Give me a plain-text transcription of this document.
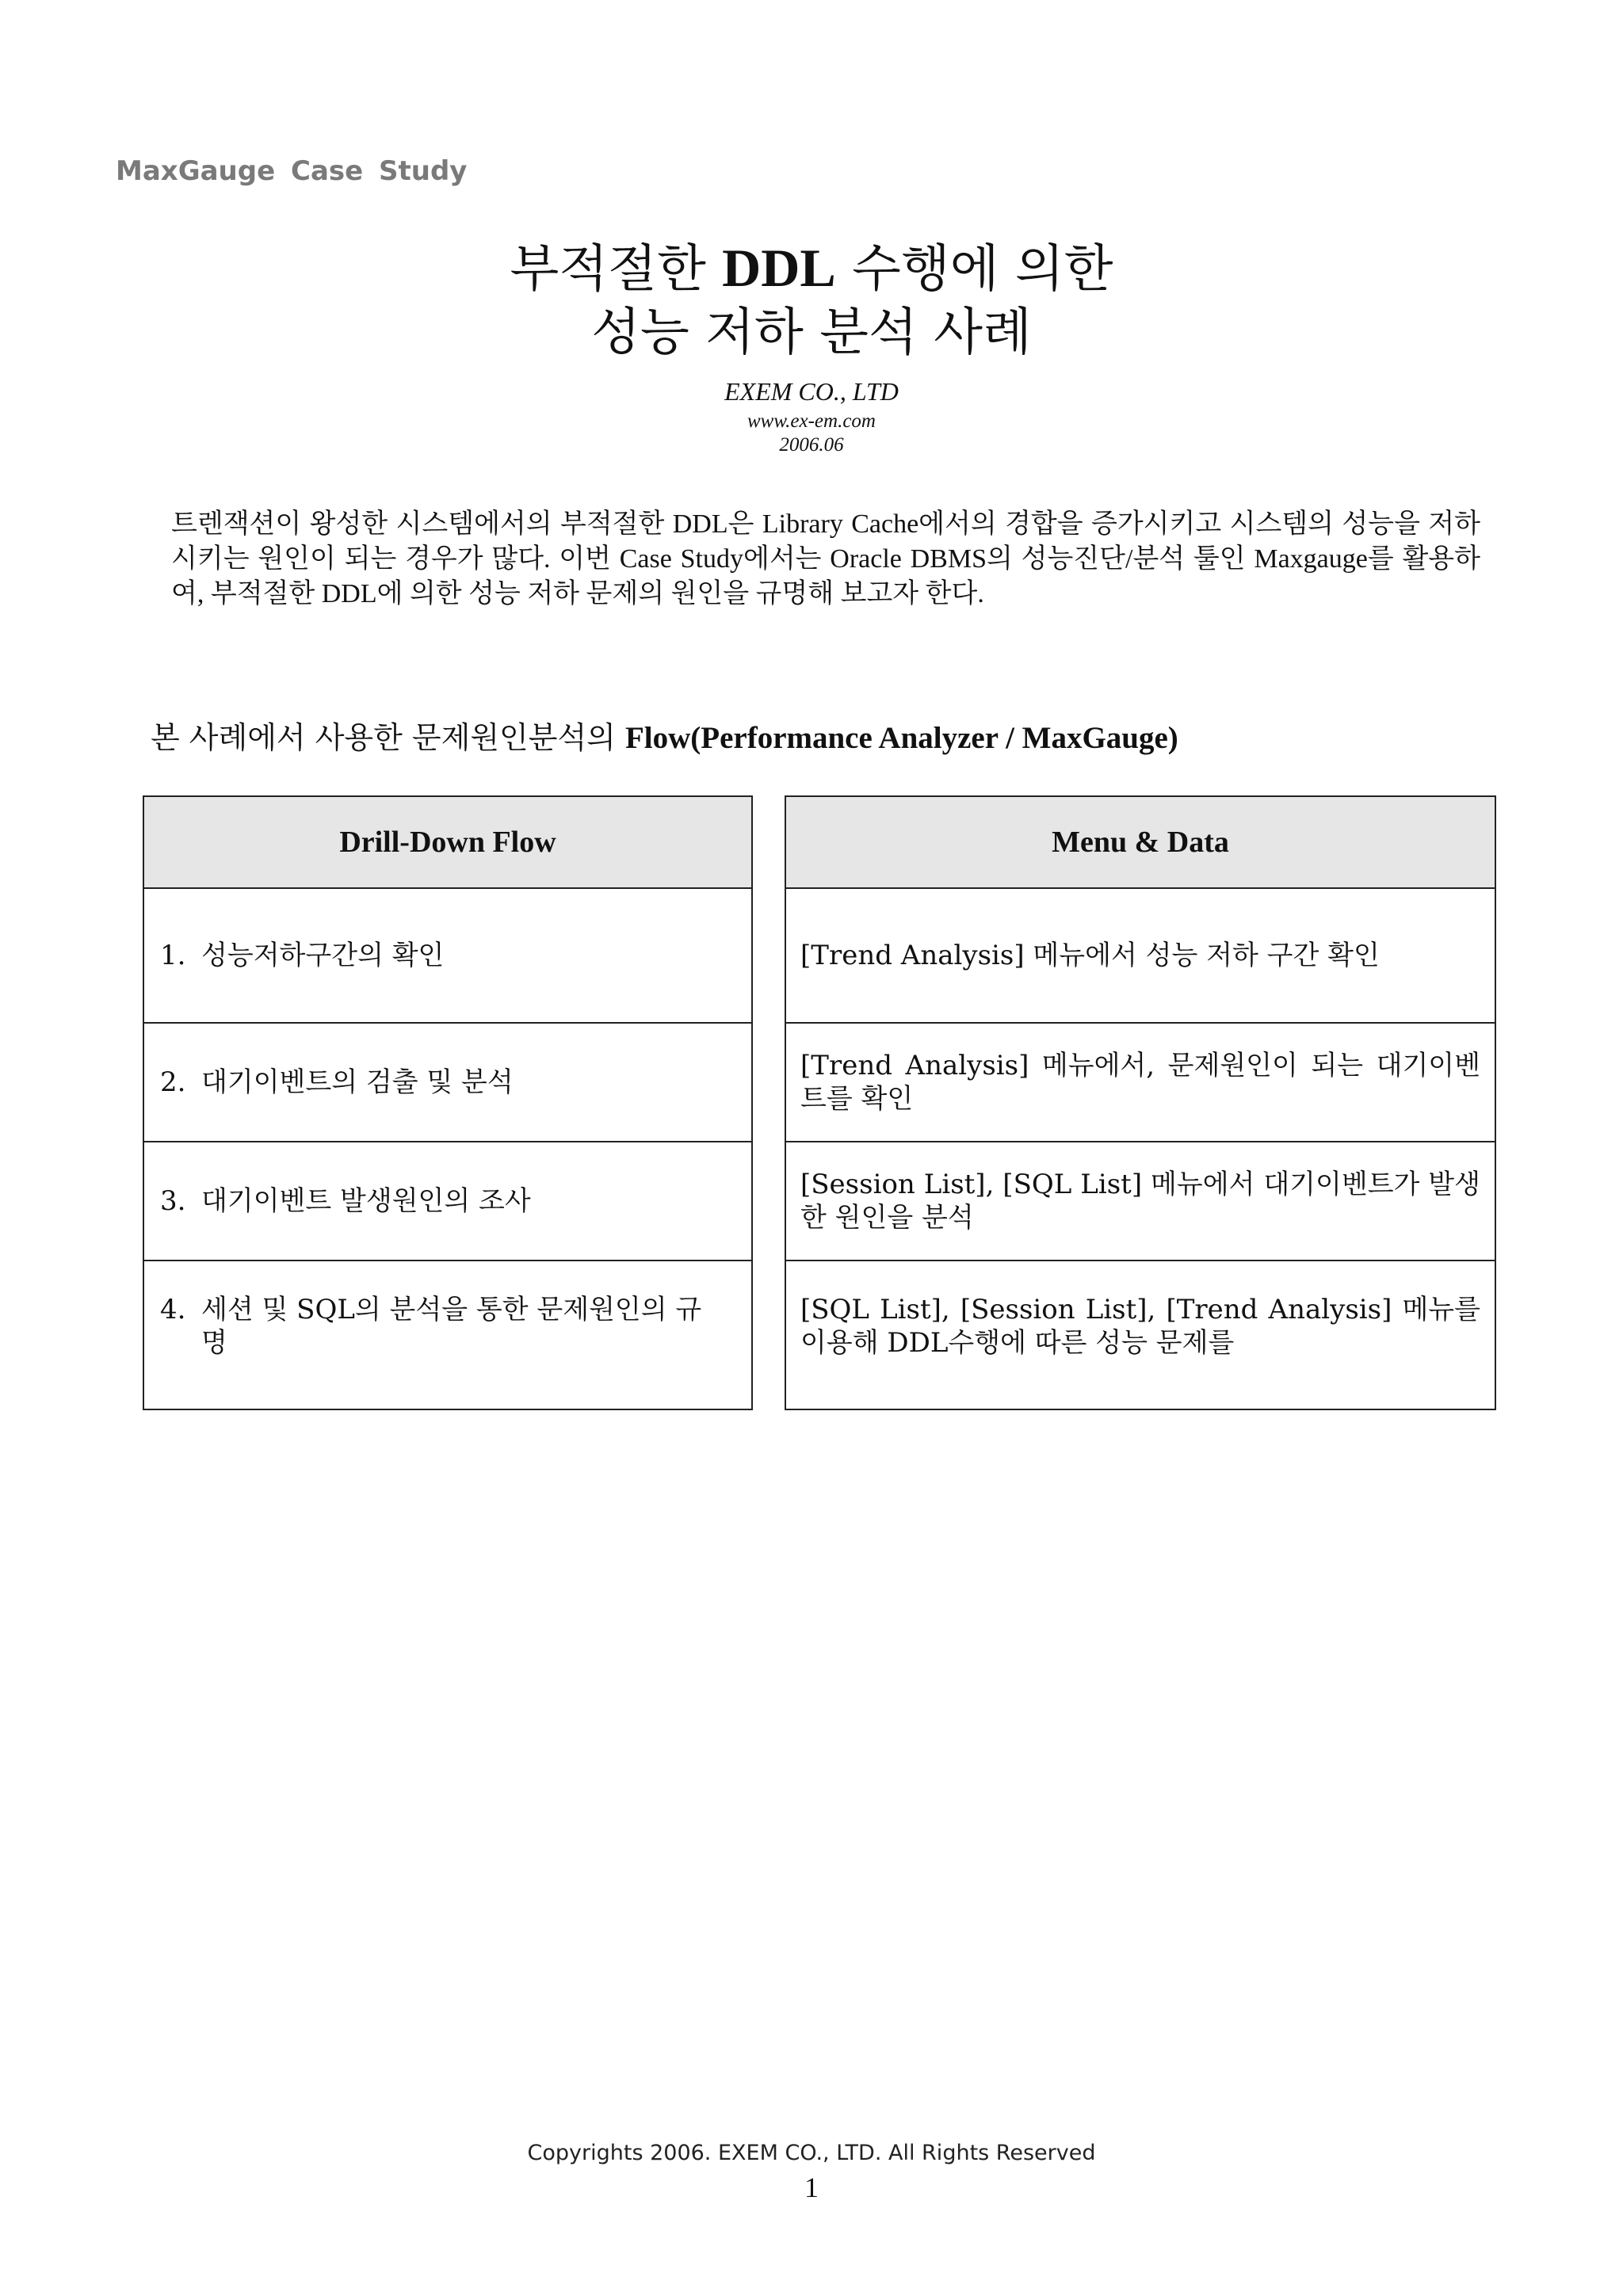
MaxGauge Case Study
부적절한 DDL 수행에 의한
성능 저하 분석 사례
EXEM CO., LTD
www.ex-em.com
2006.06
트렌잭션이 왕성한 시스템에서의 부적절한 DDL은 Library Cache에서의 경합을 증가시키고 시스템의 성능을 저하시키는 원인이 되는 경우가 많다. 이번 Case Study에서는 Oracle DBMS의 성능진단/분석 툴인 Maxgauge를 활용하여, 부적절한 DDL에 의한 성능 저하 문제의 원인을 규명해 보고자 한다.
본 사례에서 사용한 문제원인분석의 Flow(Performance Analyzer / MaxGauge)
Drill-Down Flow
1. 성능저하구간의 확인
2. 대기이벤트의 검출 및 분석
3. 대기이벤트 발생원인의 조사
4. 세션 및 SQL의 분석을 통한 문제원인의 규명
Menu & Data
[Trend Analysis] 메뉴에서 성능 저하 구간 확인
[Trend Analysis] 메뉴에서, 문제원인이 되는 대기이벤트를 확인
[Session List], [SQL List] 메뉴에서 대기이벤트가 발생한 원인을 분석
[SQL List], [Session List], [Trend Analysis] 메뉴를 이용해 DDL수행에 따른 성능 문제를
Copyrights 2006. EXEM CO., LTD. All Rights Reserved
1
